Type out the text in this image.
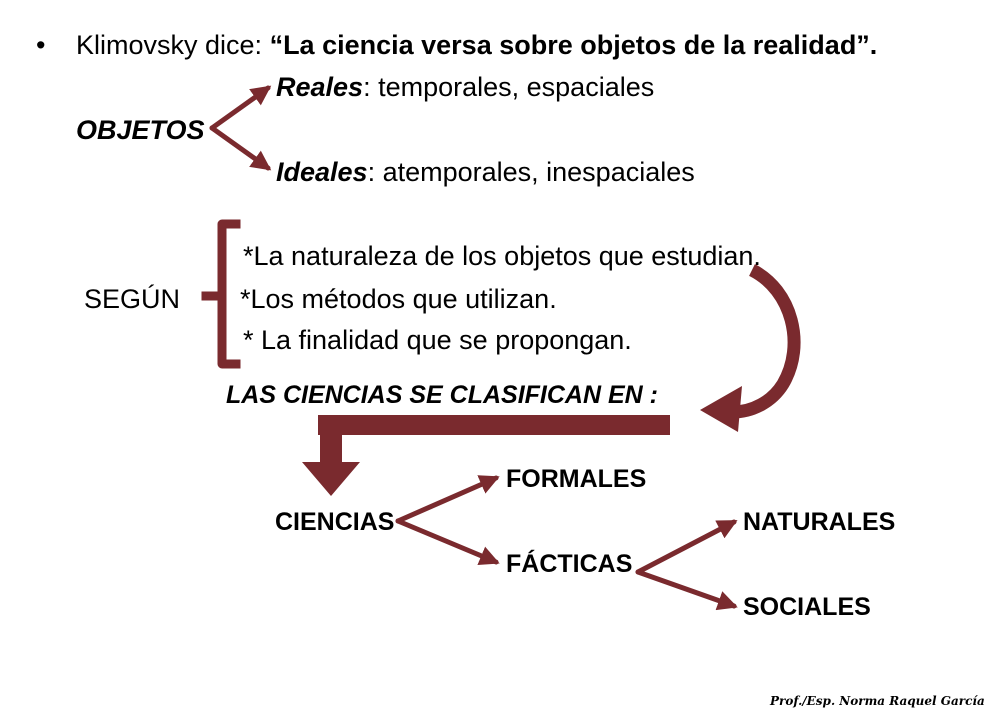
• Klimovsky dice: “La ciencia versa sobre objetos de la realidad”.
Reales: temporales, espaciales
OBJETOS
Ideales: atemporales, inespaciales
*La naturaleza de los objetos que estudian.
SEGÚN *Los métodos que utilizan.
* La finalidad que se propongan.
LAS CIENCIAS SE CLASIFICAN EN :
FORMALES
CIENCIAS	NATURALES
FÁCTICAS
SOCIALES
Prof./Esp. Norma Raquel García
